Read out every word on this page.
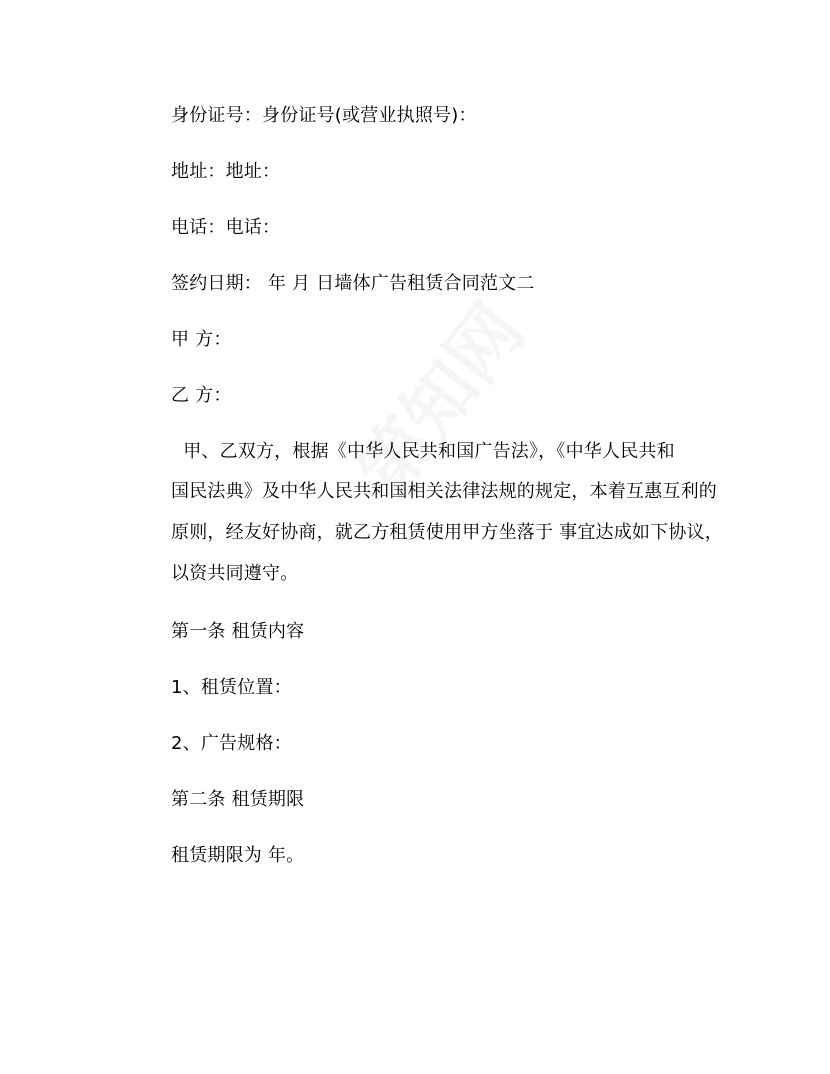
身份证号：身份证号(或营业执照号)：
地址：地址：
电话：电话：
签约日期： 年 月 日墙体广告租赁合同范文二
甲 方：
乙 方：
　甲、乙双方，根据《中华人民共和国广告法》，《中华人民共和
国民法典》及中华人民共和国相关法律法规的规定，本着互惠互利的
原则，经友好协商，就乙方租赁使用甲方坐落于 事宜达成如下协议，
以资共同遵守。
第一条 租赁内容
1、租赁位置：
2、广告规格：
第二条 租赁期限
租赁期限为 年。
